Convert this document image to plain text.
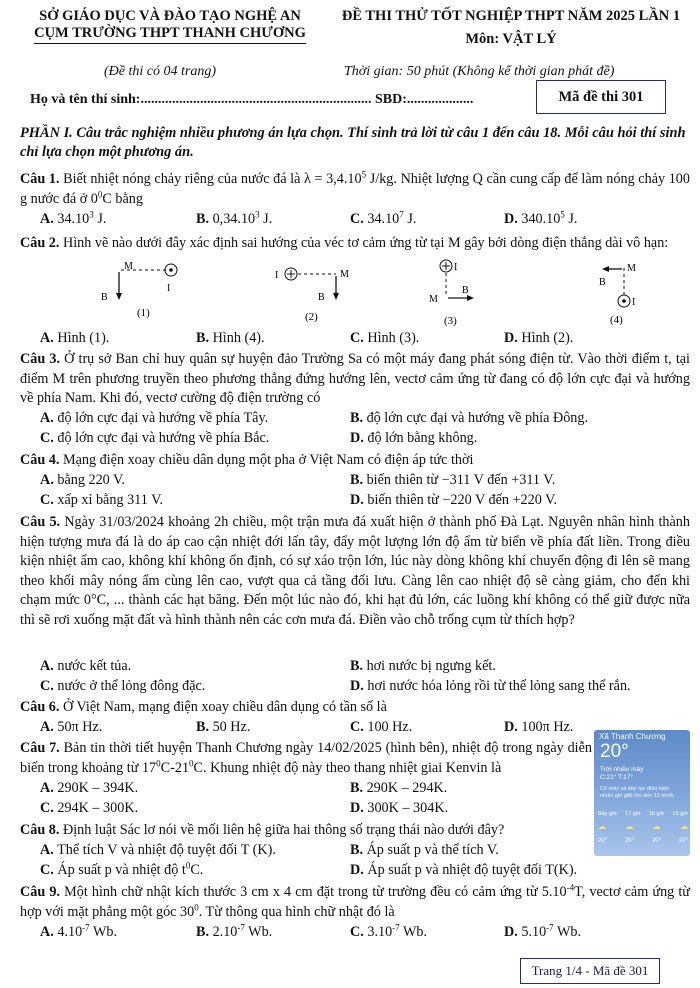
SỞ GIÁO DỤC VÀ ĐÀO TẠO NGHỆ AN
CỤM TRƯỜNG THPT THANH CHƯƠNG
ĐỀ THI THỬ TỐT NGHIỆP THPT NĂM 2025 LẦN 1
Môn: VẬT LÝ
(Đề thi có 04 trang)	Thời gian: 50 phút (Không kể thời gian phát đề)
Họ và tên thí sinh:.................................................................. SBD:...................	Mã đề thi 301
PHẦN I. Câu trắc nghiệm nhiều phương án lựa chọn. Thí sinh trả lời từ câu 1 đến câu 18. Mỗi câu hỏi thí sinh chỉ lựa chọn một phương án.
Câu 1. Biết nhiệt nóng chảy riêng của nước đá là $\lambda = 3,4.10^5$ J/kg. Nhiệt lượng Q cần cung cấp để làm nóng chảy 100 g nước đá ở $0^0C$ bằng
A. 34.10$^3$ J.	B. 0,34.10$^3$ J.	C. 34.10$^7$ J.	D. 340.10$^5$ J.
Câu 2. Hình vẽ nào dưới đây xác định sai hướng của véc tơ cảm ứng từ tại M gây bởi dòng điện thẳng dài vô hạn:
M
I
B
(1)
I	M
B
(2)
I
M
B
(3)
M
B
I
(4)
A. Hình (1).	B. Hình (4).	C. Hình (3).	D. Hình (2).
Câu 3. Ở trụ sở Ban chỉ huy quân sự huyện đảo Trường Sa có một máy đang phát sóng điện từ. Vào thời điểm t, tại điểm M trên phương truyền theo phương thẳng đứng hướng lên, vectơ cảm ứng từ đang có độ lớn cực đại và hướng về phía Nam. Khi đó, vectơ cường độ điện trường có
A. độ lớn cực đại và hướng về phía Tây.	B. độ lớn cực đại và hướng về phía Đông.
C. độ lớn cực đại và hướng về phía Bắc.	D. độ lớn bằng không.
Câu 4. Mạng điện xoay chiều dân dụng một pha ở Việt Nam có điện áp tức thời
A. bằng 220 V.	B. biến thiên từ −311 V đến +311 V.
C. xấp xỉ bằng 311 V.	D. biến thiên từ −220 V đến +220 V.
Câu 5. Ngày 31/03/2024 khoảng 2h chiều, một trận mưa đá xuất hiện ở thành phố Đà Lạt. Nguyên nhân hình thành hiện tượng mưa đá là do áp cao cận nhiệt đới lấn tây, đẩy một lượng lớn độ ẩm từ biển về phía đất liền. Trong điều kiện nhiệt ẩm cao, không khí không ổn định, có sự xáo trộn lớn, lúc này dòng không khí chuyển động đi lên sẽ mang theo khối mây nóng ẩm cùng lên cao, vượt qua cả tầng đối lưu. Càng lên cao nhiệt độ sẽ càng giảm, cho đến khi chạm mức 0°C, ... thành các hạt băng. Đến một lúc nào đó, khi hạt đủ lớn, các luồng khí không có thể giữ được nữa thì sẽ rơi xuống mặt đất và hình thành nên các cơn mưa đá. Điền vào chỗ trống cụm từ thích hợp?
A. nước kết tủa.	B. hơi nước bị ngưng kết.
C. nước ở thể lỏng đông đặc.	D. hơi nước hóa lỏng rồi từ thể lỏng sang thể rắn.
Câu 6. Ở Việt Nam, mạng điện xoay chiều dân dụng có tần số là
A. 50π Hz.	B. 50 Hz.	C. 100 Hz.	D. 100π Hz.
Câu 7. Bản tin thời tiết huyện Thanh Chương ngày 14/02/2025 (hình bên), nhiệt độ trong ngày diễn biến trong khoảng từ $17^0C-21^0C$. Khung nhiệt độ này theo thang nhiệt giai Kenvin là
A. 290K – 394K.	B. 290K – 294K.
C. 294K – 300K.	D. 300K – 304K.
Xã Thanh Chương
20°
Trời nhiều mây
C:21° T:17°
Có mây và tiếp tục điều kiện nhiều gió giật lên đến 12 km/h.
Bây giờ 17 giờ 18 giờ 19 giờ
☁ ☁ ☁ ☁
20°	20°	20°	20°
Câu 8. Định luật Sác lơ nói về mối liên hệ giữa hai thông số trạng thái nào dưới đây?
A. Thể tích V và nhiệt độ tuyệt đối T (K).	B. Áp suất p và thể tích V.
C. Áp suất p và nhiệt độ $t^0C$.	D. Áp suất p và nhiệt độ tuyệt đối T(K).
Câu 9. Một hình chữ nhật kích thước 3 cm x 4 cm đặt trong từ trường đều có cảm ứng từ $5.10^{-4}T$, vectơ cảm ứng từ hợp với mặt phẳng một góc $30^0$. Từ thông qua hình chữ nhật đó là
A. $4.10^{-7}$ Wb.	B. $2.10^{-7}$ Wb.	C. $3.10^{-7}$ Wb.	D. $5.10^{-7}$ Wb.
Trang 1/4 - Mã đề 301
